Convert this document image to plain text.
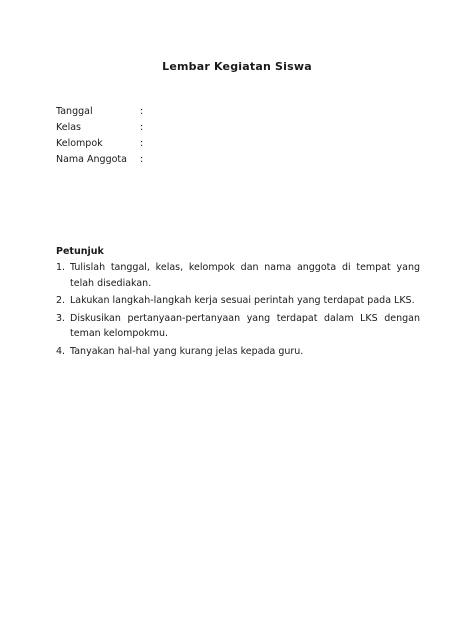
Lembar Kegiatan Siswa
Tanggal	:
Kelas	:
Kelompok	:
Nama Anggota	:
Petunjuk
1. Tulislah tanggal, kelas, kelompok dan nama anggota di tempat yang telah disediakan.
2. Lakukan langkah-langkah kerja sesuai perintah yang terdapat pada LKS.
3. Diskusikan pertanyaan-pertanyaan yang terdapat dalam LKS dengan teman kelompokmu.
4. Tanyakan hal-hal yang kurang jelas kepada guru.
